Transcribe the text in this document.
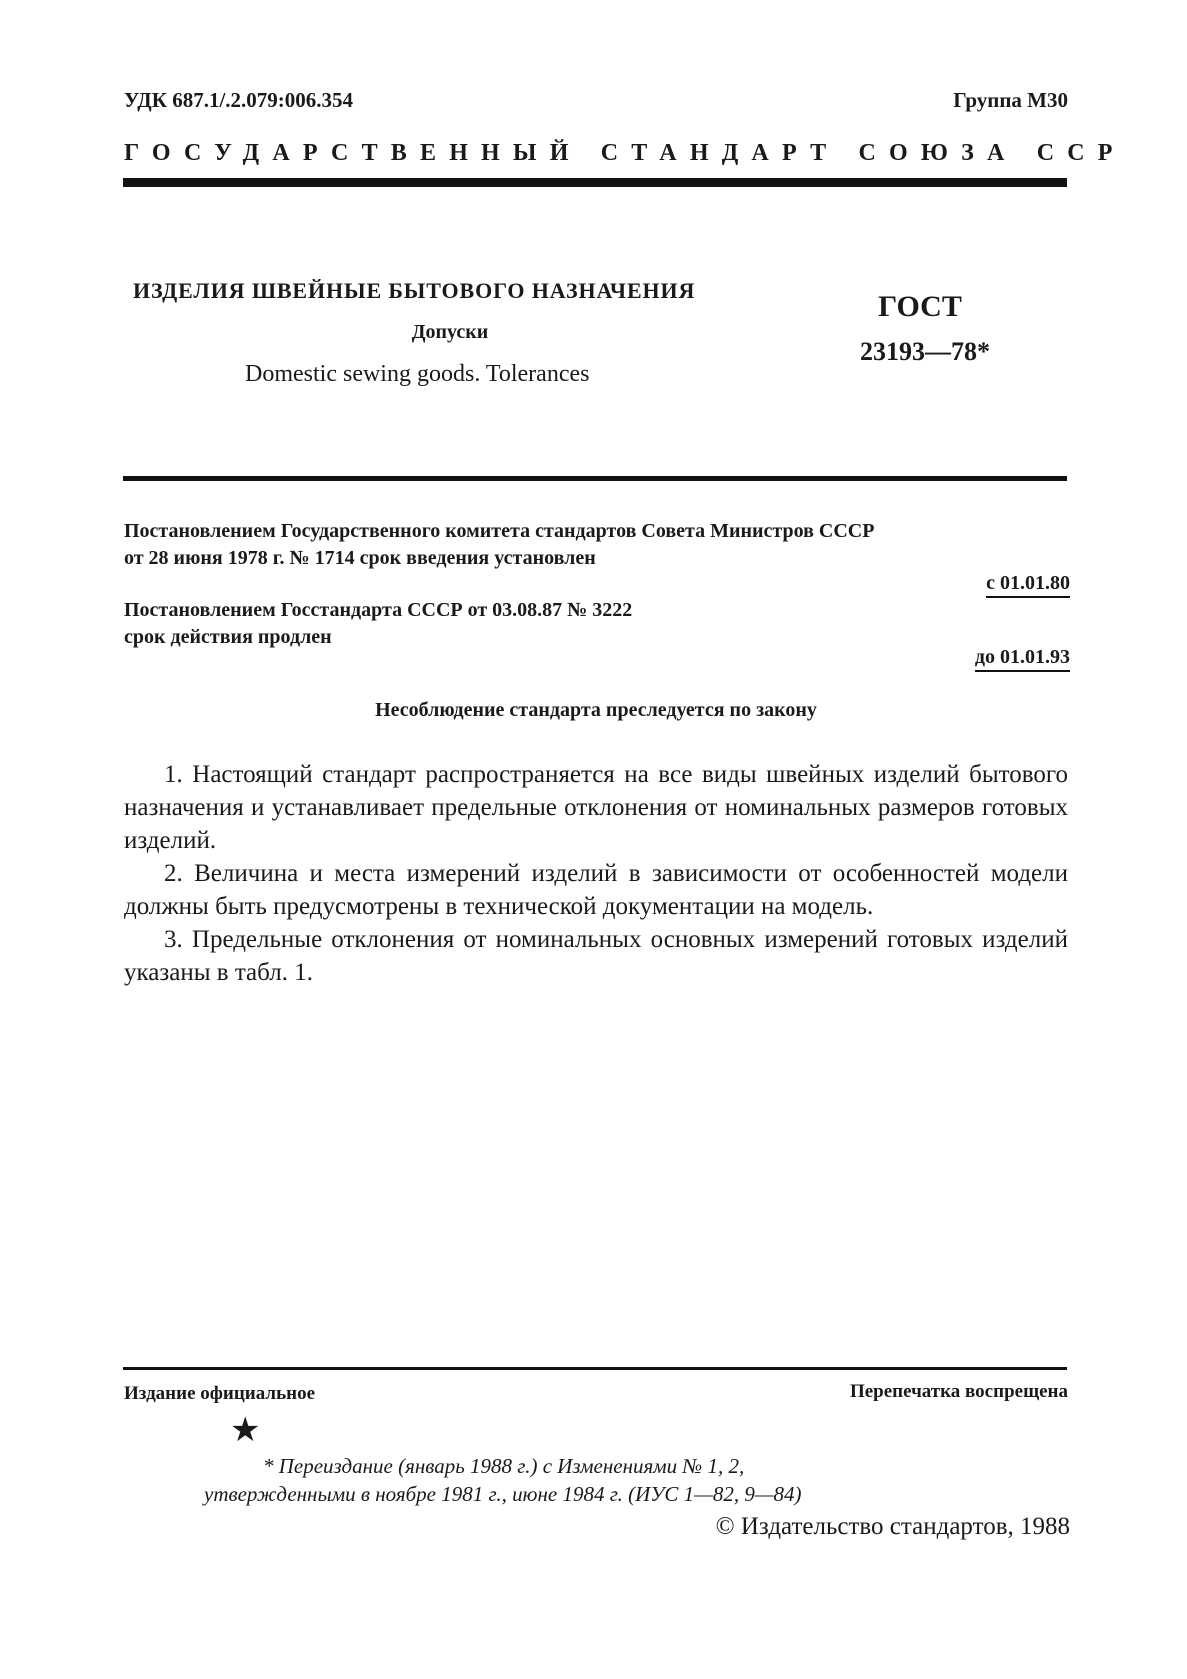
УДК 687.1/.2.079:006.354	Группа М30
ГОСУДАРСТВЕННЫЙ СТАНДАРТ СОЮЗА ССР
ИЗДЕЛИЯ ШВЕЙНЫЕ БЫТОВОГО НАЗНАЧЕНИЯ
Допуски
Domestic sewing goods. Tolerances
ГОСТ
23193—78*
Постановлением Государственного комитета стандартов Совета Министров СССР
от 28 июня 1978 г. № 1714 срок введения установлен
с 01.01.80
Постановлением Госстандарта СССР от 03.08.87 № 3222
срок действия продлен
до 01.01.93
Несоблюдение стандарта преследуется по закону

1. Настоящий стандарт распространяется на все виды швейных изделий бытового назначения и устанавливает предельные отклонения от номинальных размеров готовых изделий.

2. Величина и места измерений изделий в зависимости от особенностей модели должны быть предусмотрены в технической документации на модель.

3. Предельные отклонения от номинальных основных измерений готовых изделий указаны в табл. 1.

Издание официальное	Перепечатка воспрещена
★
* Переиздание (январь 1988 г.) с Изменениями № 1, 2,
утвержденными в ноябре 1981 г., июне 1984 г. (ИУС 1—82, 9—84)
© Издательство стандартов, 1988
